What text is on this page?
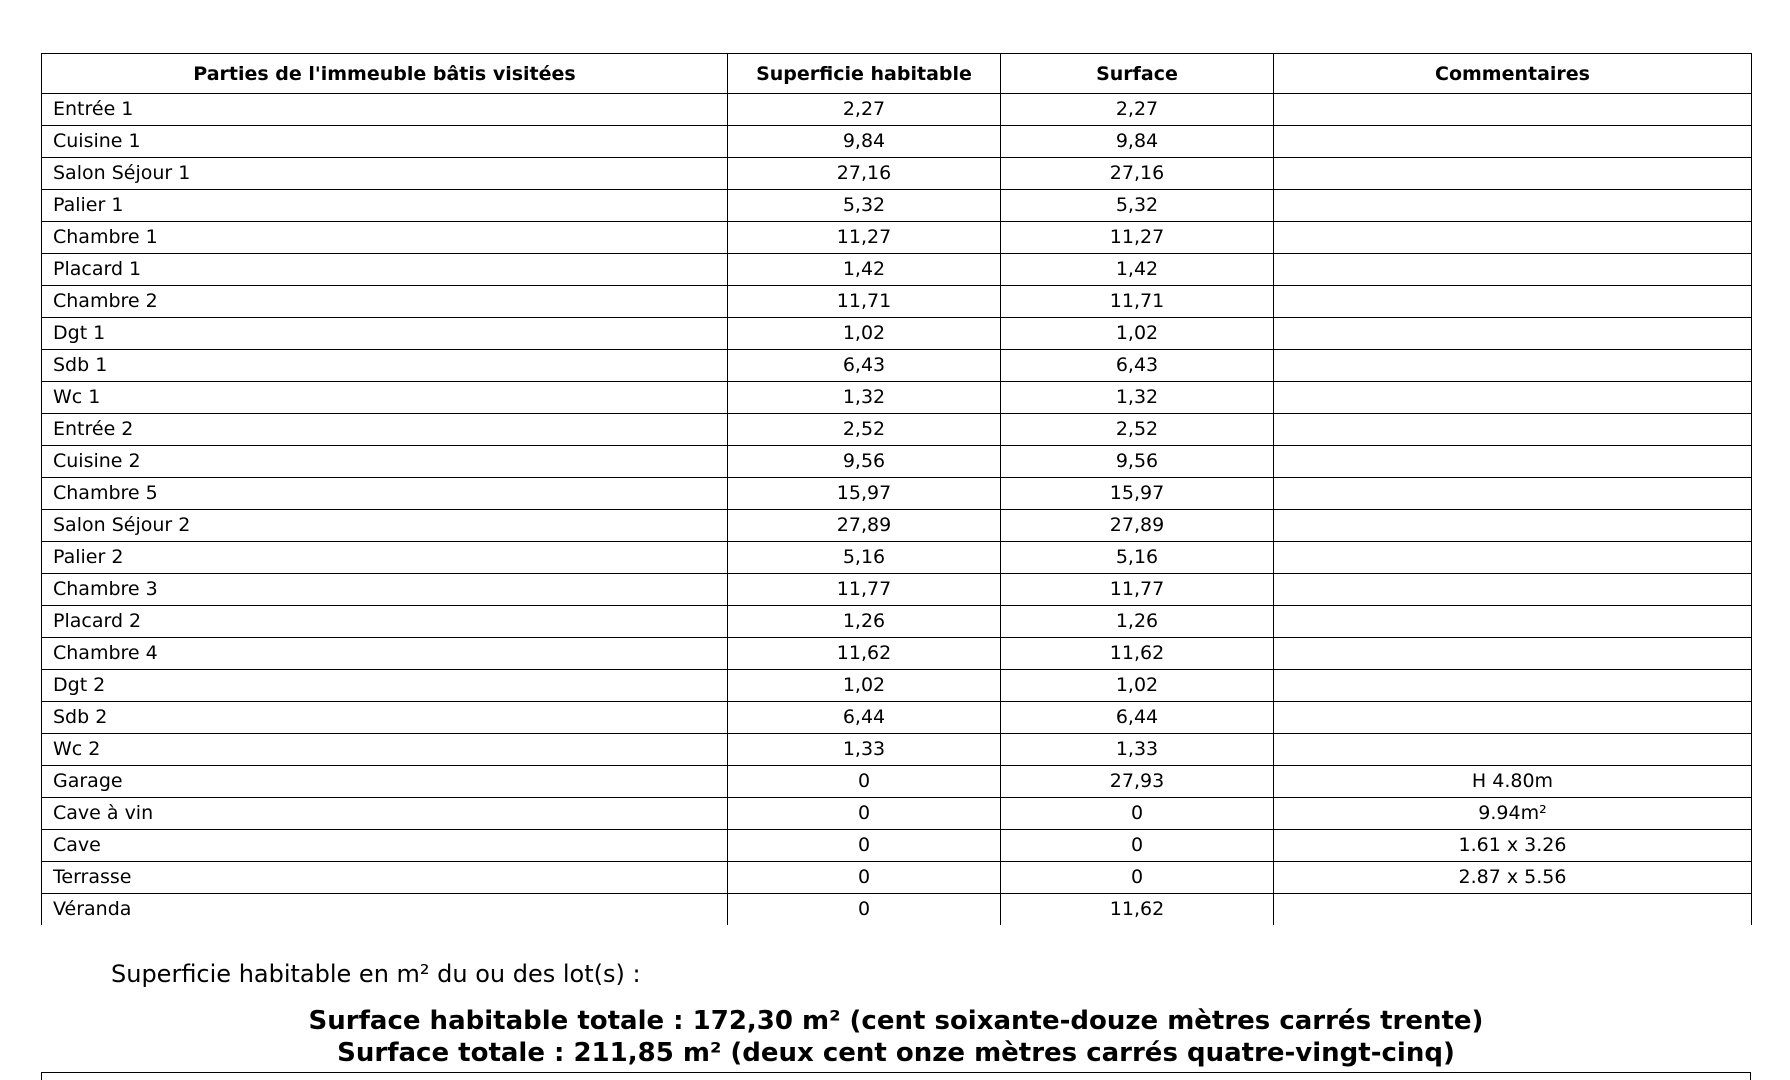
Parties de l'immeuble bâtis visitées	Superficie habitable	Surface	Commentaires
Entrée 1	2,27	2,27	
Cuisine 1	9,84	9,84	
Salon Séjour 1	27,16	27,16	
Palier 1	5,32	5,32	
Chambre 1	11,27	11,27	
Placard 1	1,42	1,42	
Chambre 2	11,71	11,71	
Dgt 1	1,02	1,02	
Sdb 1	6,43	6,43	
Wc 1	1,32	1,32	
Entrée 2	2,52	2,52	
Cuisine 2	9,56	9,56	
Chambre 5	15,97	15,97	
Salon Séjour 2	27,89	27,89	
Palier 2	5,16	5,16	
Chambre 3	11,77	11,77	
Placard 2	1,26	1,26	
Chambre 4	11,62	11,62	
Dgt 2	1,02	1,02	
Sdb 2	6,44	6,44	
Wc 2	1,33	1,33	
Garage	0	27,93	H 4.80m
Cave à vin	0	0	9.94m²
Cave	0	0	1.61 x 3.26
Terrasse	0	0	2.87 x 5.56
Véranda	0	11,62	
Superficie habitable en m² du ou des lot(s) :
Surface habitable totale : 172,30 m² (cent soixante-douze mètres carrés trente)
Surface totale : 211,85 m² (deux cent onze mètres carrés quatre-vingt-cinq)
